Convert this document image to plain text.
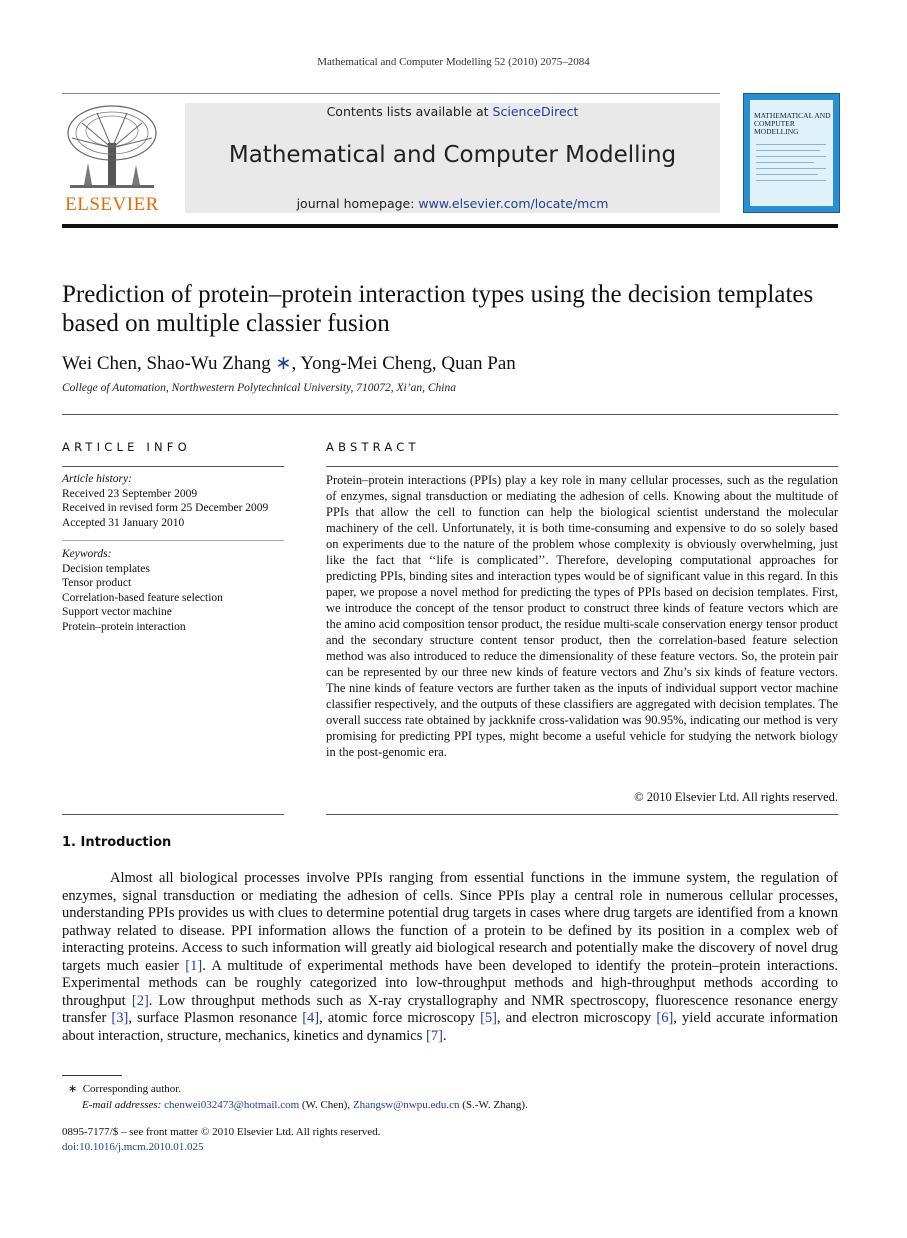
Mathematical and Computer Modelling 52 (2010) 2075–2084
ELSEVIER
Contents lists available at ScienceDirect
Mathematical and Computer Modelling
journal homepage: www.elsevier.com/locate/mcm
MATHEMATICAL AND COMPUTER MODELLING
Prediction of protein–protein interaction types using the decision templates based on multiple classier fusion
Wei Chen, Shao-Wu Zhang ∗, Yong-Mei Cheng, Quan Pan
College of Automation, Northwestern Polytechnical University, 710072, Xi’an, China
ARTICLE INFO
Article history:
Received 23 September 2009
Received in revised form 25 December 2009
Accepted 31 January 2010
Keywords:
Decision templates
Tensor product
Correlation-based feature selection
Support vector machine
Protein–protein interaction
ABSTRACT
Protein–protein interactions (PPIs) play a key role in many cellular processes, such as the regulation of enzymes, signal transduction or mediating the adhesion of cells. Knowing about the multitude of PPIs that allow the cell to function can help the biological scientist understand the molecular machinery of the cell. Unfortunately, it is both time-consuming and expensive to do so solely based on experiments due to the nature of the problem whose complexity is obviously overwhelming, just like the fact that ‘‘life is complicated’’. Therefore, developing computational approaches for predicting PPIs, binding sites and interaction types would be of significant value in this regard. In this paper, we propose a novel method for predicting the types of PPIs based on decision templates. First, we introduce the concept of the tensor product to construct three kinds of feature vectors which are the amino acid composition tensor product, the residue multi-scale conservation energy tensor product and the secondary structure content tensor product, then the correlation-based feature selection method was also introduced to reduce the dimensionality of these feature vectors. So, the protein pair can be represented by our three new kinds of feature vectors and Zhu’s six kinds of feature vectors. The nine kinds of feature vectors are further taken as the inputs of individual support vector machine classifier respectively, and the outputs of these classifiers are aggregated with decision templates. The overall success rate obtained by jackknife cross-validation was 90.95%, indicating our method is very promising for predicting PPI types, might become a useful vehicle for studying the network biology in the post-genomic era.
© 2010 Elsevier Ltd. All rights reserved.
1. Introduction
Almost all biological processes involve PPIs ranging from essential functions in the immune system, the regulation of enzymes, signal transduction or mediating the adhesion of cells. Since PPIs play a central role in numerous cellular processes, understanding PPIs provides us with clues to determine potential drug targets in cases where drug targets are identified from a known pathway related to disease. PPI information allows the function of a protein to be defined by its position in a complex web of interacting proteins. Access to such information will greatly aid biological research and potentially make the discovery of novel drug targets much easier [1]. A multitude of experimental methods have been developed to identify the protein–protein interactions. Experimental methods can be roughly categorized into low-throughput methods and high-throughput methods according to throughput [2]. Low throughput methods such as X-ray crystallography and NMR spectroscopy, fluorescence resonance energy transfer [3], surface Plasmon resonance [4], atomic force microscopy [5], and electron microscopy [6], yield accurate information about interaction, structure, mechanics, kinetics and dynamics [7].
∗ Corresponding author.
E-mail addresses: chenwei032473@hotmail.com (W. Chen), Zhangsw@nwpu.edu.cn (S.-W. Zhang).
0895-7177/$ – see front matter © 2010 Elsevier Ltd. All rights reserved.
doi:10.1016/j.mcm.2010.01.025
